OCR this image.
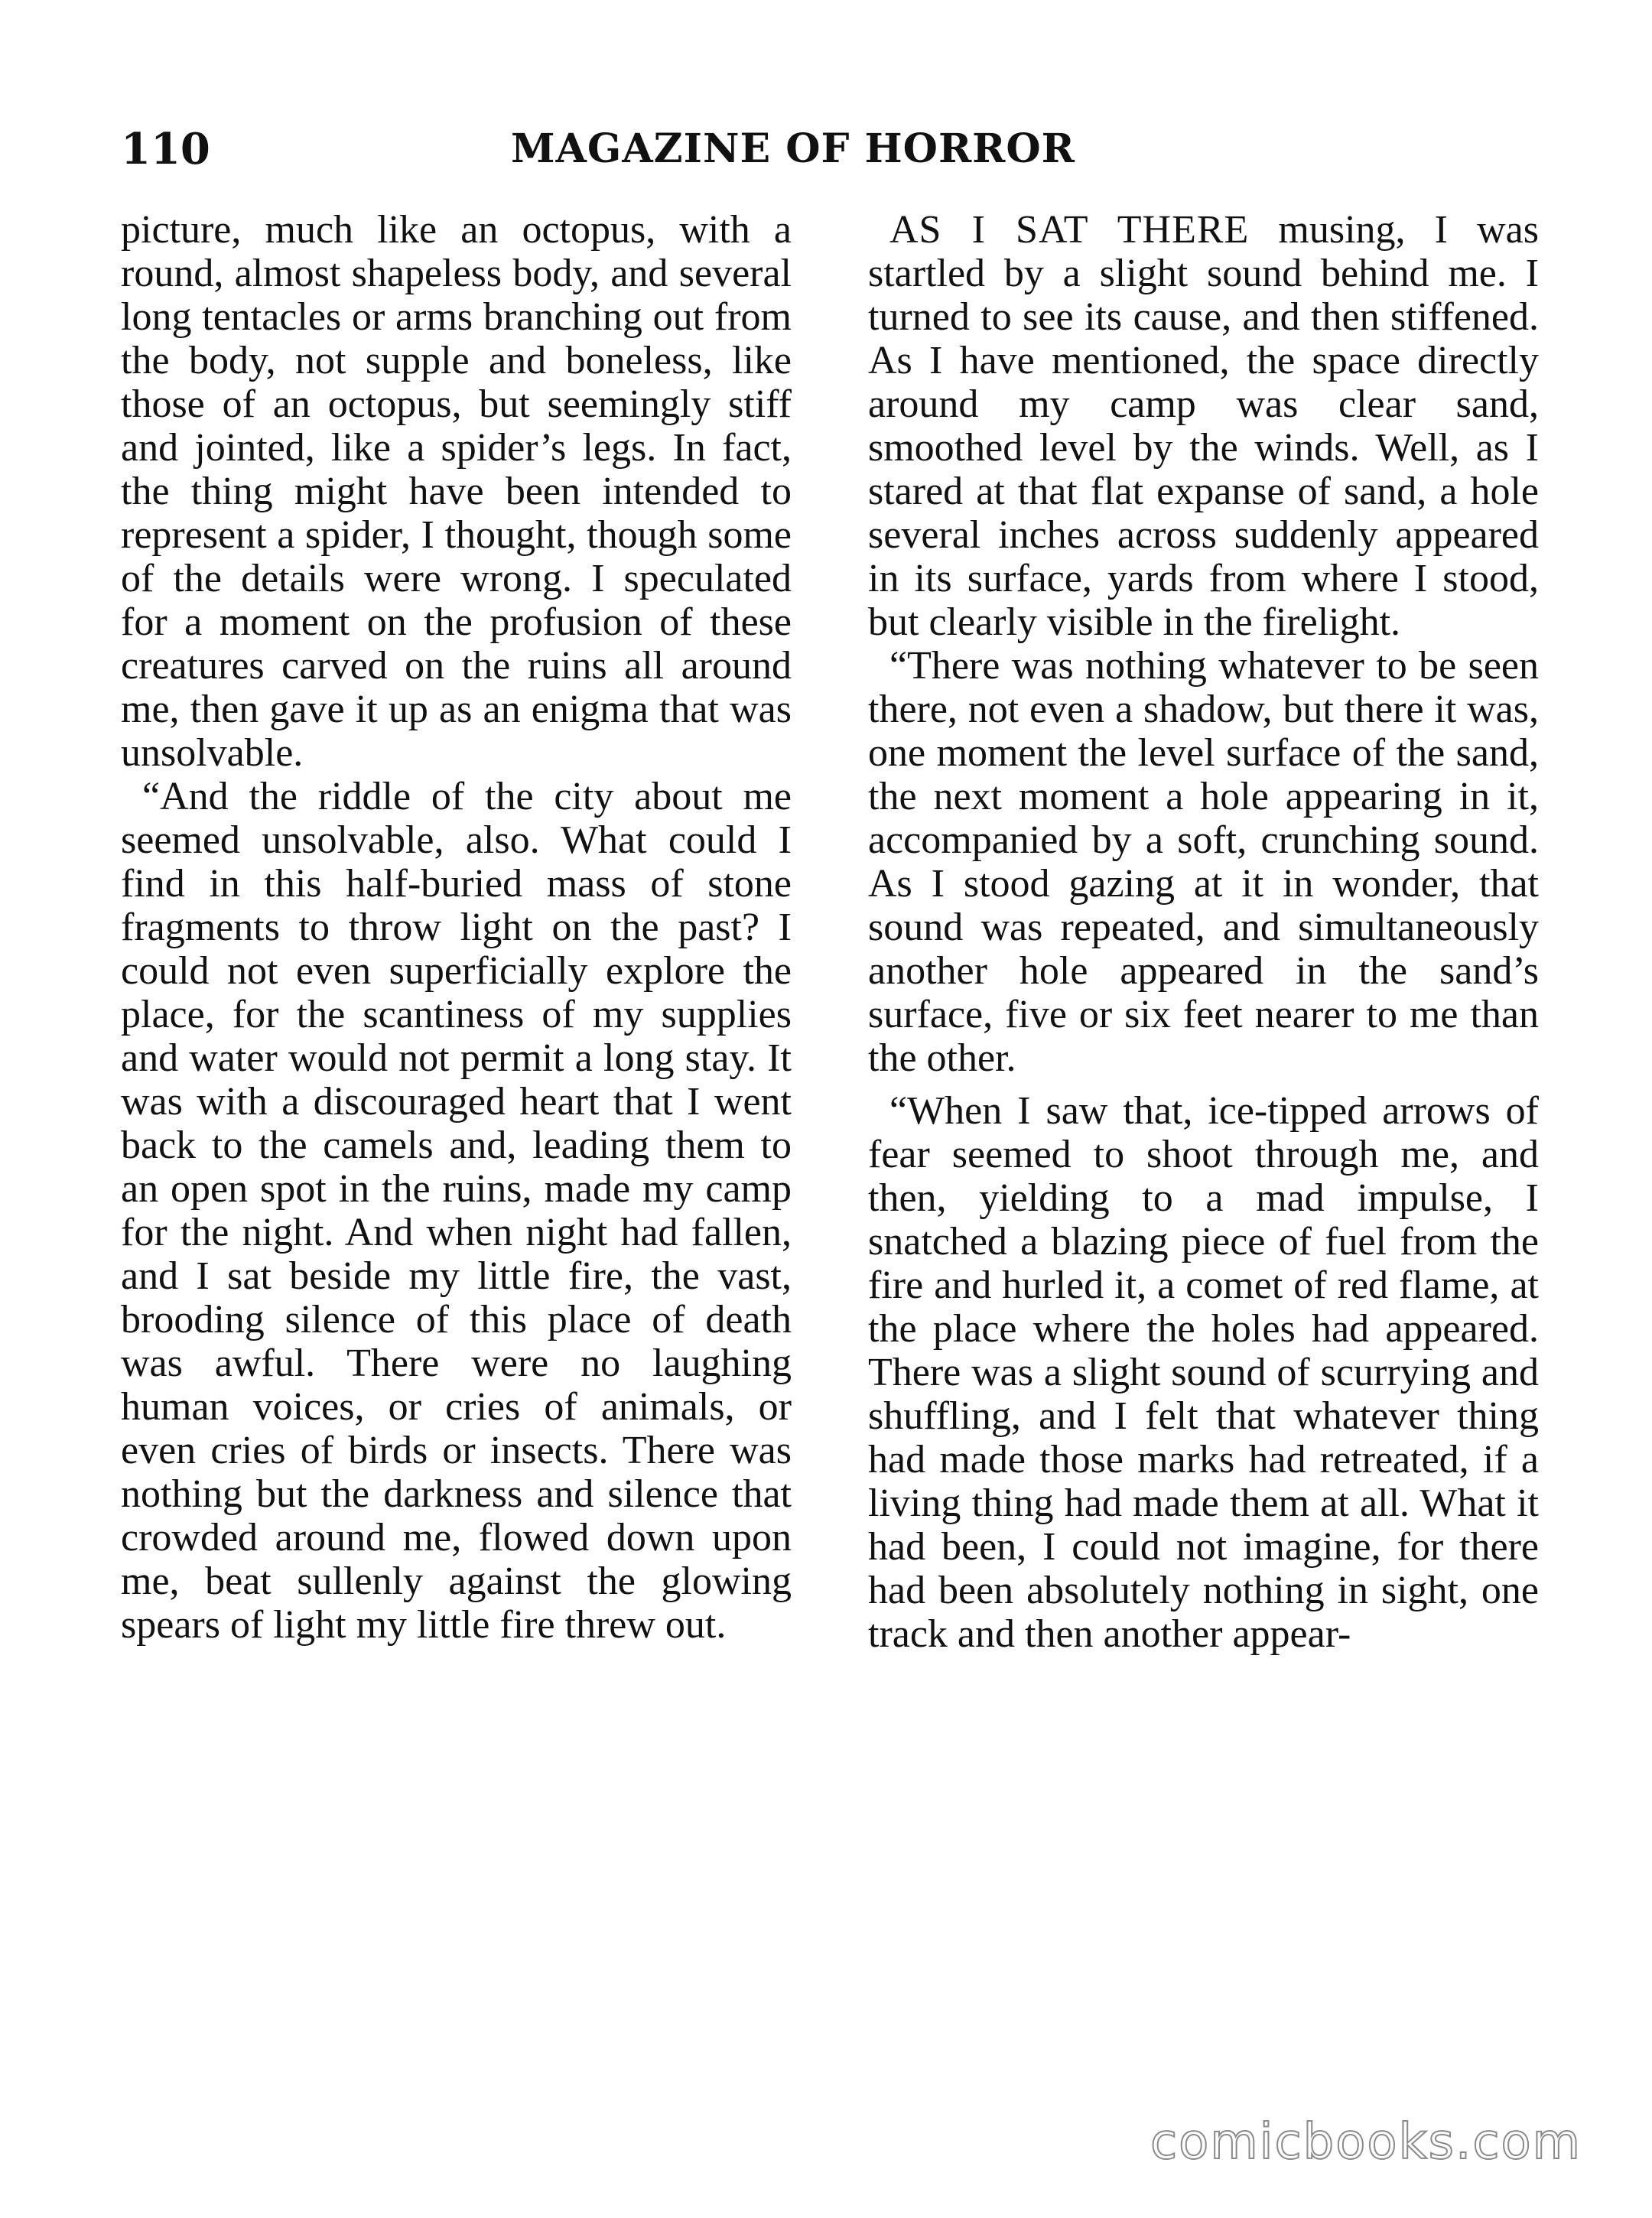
110	MAGAZINE OF HORROR

picture, much like an octopus, with a round, almost shapeless body, and several long tentacles or arms branching out from the body, not supple and boneless, like those of an octopus, but seemingly stiff and jointed, like a spider’s legs. In fact, the thing might have been intended to represent a spider, I thought, though some of the details were wrong. I speculated for a moment on the profusion of these creatures carved on the ruins all around me, then gave it up as an enigma that was unsolvable.

“And the riddle of the city about me seemed unsolvable, also. What could I find in this half-buried mass of stone fragments to throw light on the past? I could not even superficially explore the place, for the scantiness of my supplies and water would not permit a long stay. It was with a discouraged heart that I went back to the camels and, leading them to an open spot in the ruins, made my camp for the night. And when night had fallen, and I sat beside my little fire, the vast, brooding silence of this place of death was awful. There were no laughing human voices, or cries of animals, or even cries of birds or insects. There was nothing but the darkness and silence that crowded around me, flowed down upon me, beat sullenly against the glowing spears of light my little fire threw out.

AS I SAT THERE musing, I was startled by a slight sound behind me. I turned to see its cause, and then stiffened. As I have mentioned, the space directly around my camp was clear sand, smoothed level by the winds. Well, as I stared at that flat expanse of sand, a hole several inches across suddenly appeared in its surface, yards from where I stood, but clearly visible in the firelight.

“There was nothing whatever to be seen there, not even a shadow, but there it was, one moment the level surface of the sand, the next moment a hole appearing in it, accompanied by a soft, crunching sound. As I stood gazing at it in wonder, that sound was repeated, and simultaneously another hole appeared in the sand’s surface, five or six feet nearer to me than the other.

“When I saw that, ice-tipped arrows of fear seemed to shoot through me, and then, yielding to a mad impulse, I snatched a blazing piece of fuel from the fire and hurled it, a comet of red flame, at the place where the holes had appeared. There was a slight sound of scurrying and shuffling, and I felt that whatever thing had made those marks had retreated, if a living thing had made them at all. What it had been, I could not imagine, for there had been absolutely nothing in sight, one track and then another appear-

comicbooks.com
